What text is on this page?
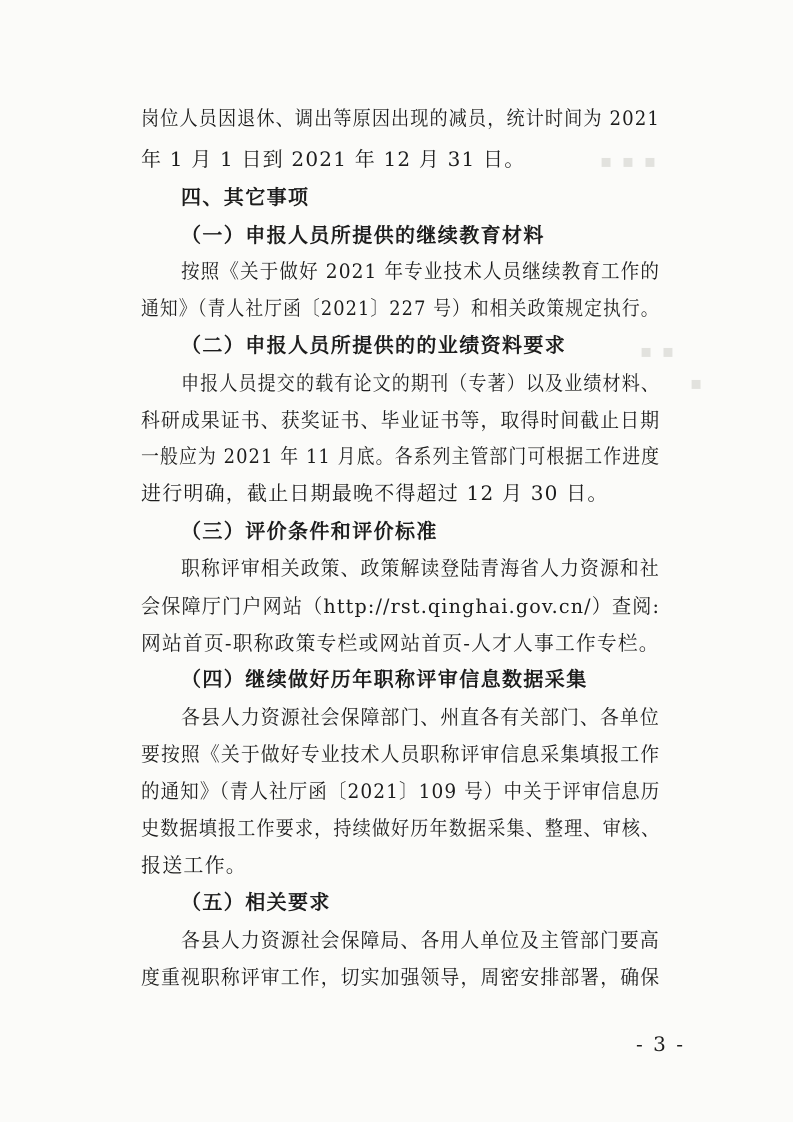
▪ ▪ ▪
▪ ▪
▪
岗位人员因退休、调出等原因出现的减员，统计时间为 2021
年 1 月 1 日到 2021 年 12 月 31 日。
四、其它事项
（一）申报人员所提供的继续教育材料
按照《关于做好 2021 年专业技术人员继续教育工作的
通知》（青人社厅函〔2021〕227 号）和相关政策规定执行。
（二）申报人员所提供的的业绩资料要求
申报人员提交的载有论文的期刊（专著）以及业绩材料、
科研成果证书、获奖证书、毕业证书等，取得时间截止日期
一般应为 2021 年 11 月底。各系列主管部门可根据工作进度
进行明确，截止日期最晚不得超过 12 月 30 日。
（三）评价条件和评价标准
职称评审相关政策、政策解读登陆青海省人力资源和社
会保障厅门户网站（http://rst.qinghai.gov.cn/）查阅:
网站首页-职称政策专栏或网站首页-人才人事工作专栏。
（四）继续做好历年职称评审信息数据采集
各县人力资源社会保障部门、州直各有关部门、各单位
要按照《关于做好专业技术人员职称评审信息采集填报工作
的通知》（青人社厅函〔2021〕109 号）中关于评审信息历
史数据填报工作要求，持续做好历年数据采集、整理、审核、
报送工作。
（五）相关要求
各县人力资源社会保障局、各用人单位及主管部门要高
度重视职称评审工作，切实加强领导，周密安排部署，确保
- 3 -
